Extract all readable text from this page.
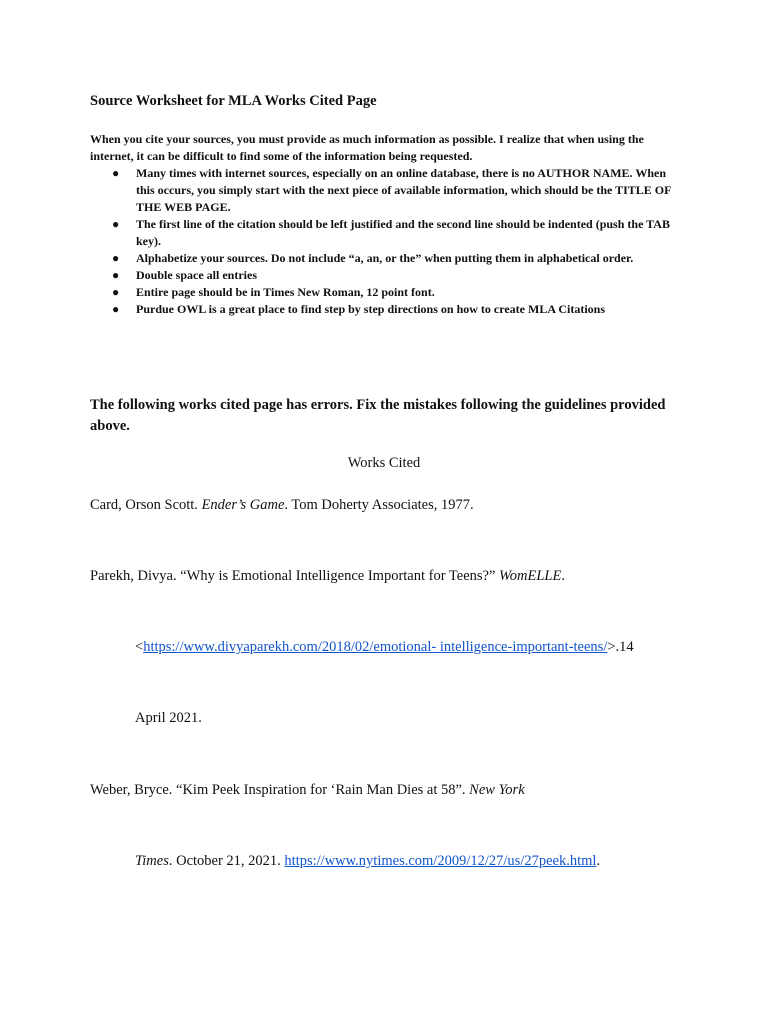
Source Worksheet for MLA Works Cited Page
When you cite your sources, you must provide as much information as possible. I realize that when using the internet, it can be difficult to find some of the information being requested.
● Many times with internet sources, especially on an online database, there is no AUTHOR NAME. When this occurs, you simply start with the next piece of available information, which should be the TITLE OF THE WEB PAGE.
● The first line of the citation should be left justified and the second line should be indented (push the TAB key).
● Alphabetize your sources. Do not include “a, an, or the” when putting them in alphabetical order.
● Double space all entries
● Entire page should be in Times New Roman, 12 point font.
● Purdue OWL is a great place to find step by step directions on how to create MLA Citations
The following works cited page has errors. Fix the mistakes following the guidelines provided above.
Works Cited
Card, Orson Scott. Ender’s Game. Tom Doherty Associates, 1977.
Parekh, Divya. “Why is Emotional Intelligence Important for Teens?” WomELLE.
<https://www.divyaparekh.com/2018/02/emotional- intelligence-important-teens/>.14
April 2021.
Weber, Bryce. “Kim Peek Inspiration for ‘Rain Man Dies at 58”. New York
Times. October 21, 2021. https://www.nytimes.com/2009/12/27/us/27peek.html.
